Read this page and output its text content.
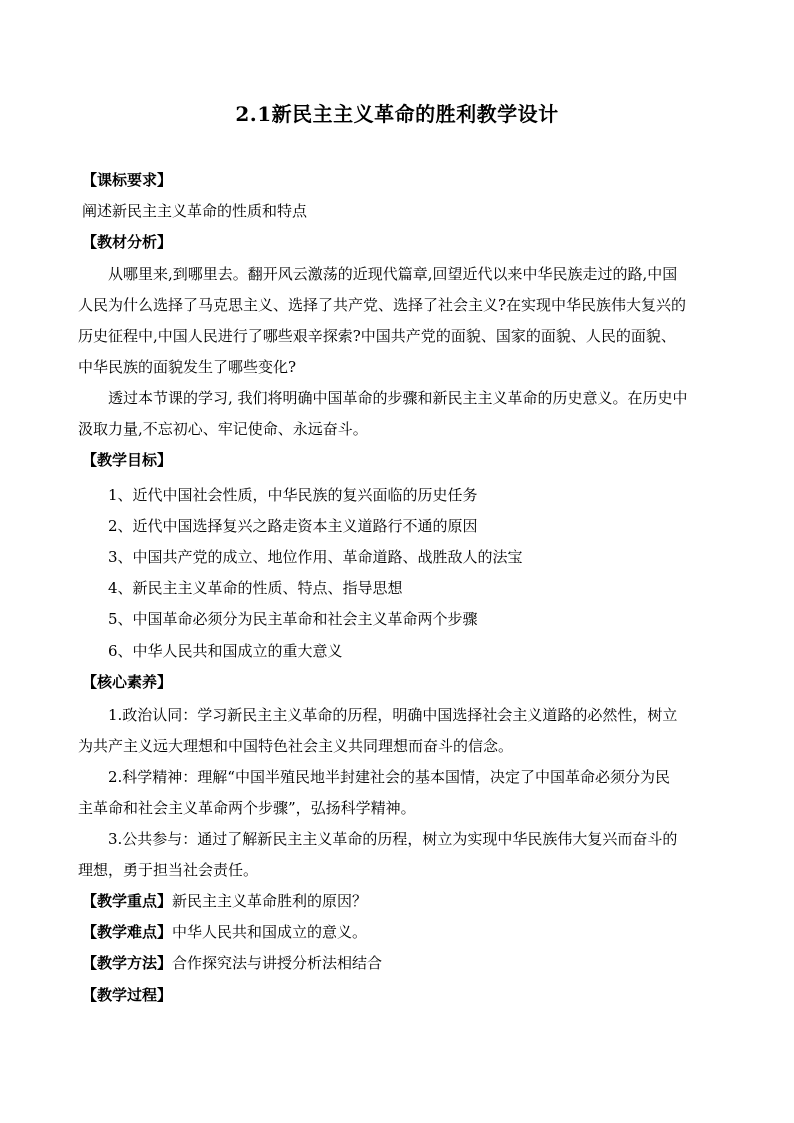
2.1新民主主义革命的胜利教学设计
【课标要求】
阐述新民主主义革命的性质和特点
【教材分析】
从哪里来,到哪里去。翻开风云激荡的近现代篇章,回望近代以来中华民族走过的路,中国
人民为什么选择了马克思主义、选择了共产党、选择了社会主义?在实现中华民族伟大复兴的
历史征程中,中国人民进行了哪些艰辛探索?中国共产党的面貌、国家的面貌、人民的面貌、
中华民族的面貌发生了哪些变化?
透过本节课的学习, 我们将明确中国革命的步骤和新民主主义革命的历史意义。在历史中
汲取力量,不忘初心、牢记使命、永远奋斗。
【教学目标】
1、近代中国社会性质，中华民族的复兴面临的历史任务
2、近代中国选择复兴之路走资本主义道路行不通的原因
3、中国共产党的成立、地位作用、革命道路、战胜敌人的法宝
4、新民主主义革命的性质、特点、指导思想
5、中国革命必须分为民主革命和社会主义革命两个步骤
6、中华人民共和国成立的重大意义
【核心素养】
1.政治认同：学习新民主主义革命的历程，明确中国选择社会主义道路的必然性，树立
为共产主义远大理想和中国特色社会主义共同理想而奋斗的信念。
2.科学精神：理解“中国半殖民地半封建社会的基本国情，决定了中国革命必须分为民
主革命和社会主义革命两个步骤”，弘扬科学精神。
3.公共参与：通过了解新民主主义革命的历程，树立为实现中华民族伟大复兴而奋斗的
理想，勇于担当社会责任。
【教学重点】新民主主义革命胜利的原因？
【教学难点】中华人民共和国成立的意义。
【教学方法】合作探究法与讲授分析法相结合
【教学过程】
